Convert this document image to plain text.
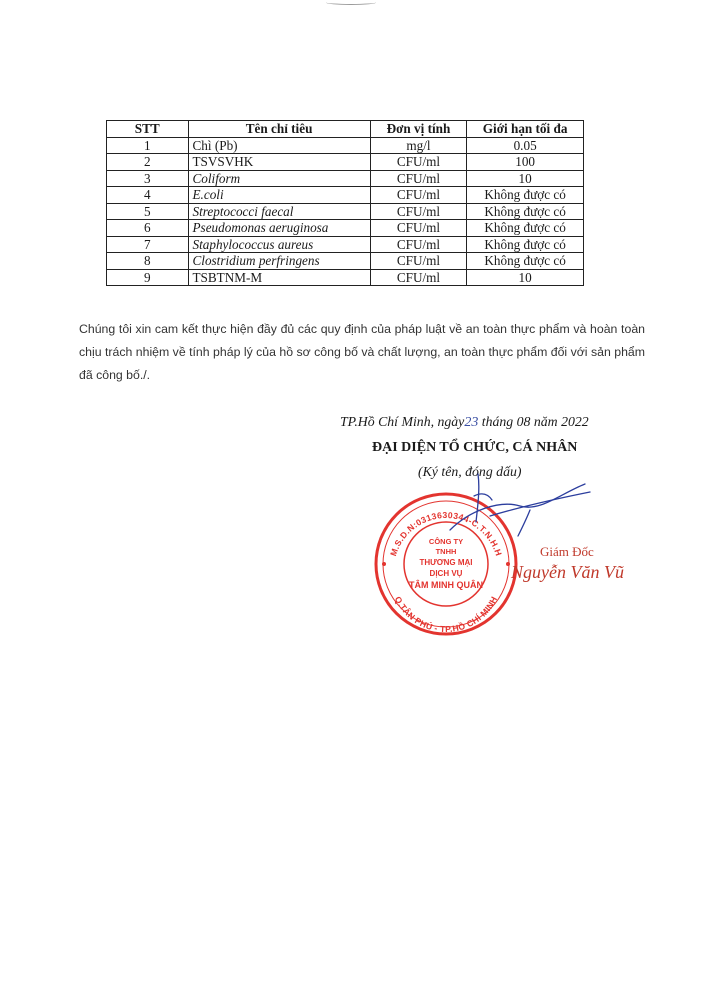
STT	Tên chỉ tiêu	Đơn vị tính	Giới hạn tối đa
1	Chì (Pb)	mg/l	0.05
2	TSVSVHK	CFU/ml	100
3	Coliform	CFU/ml	10
4	E.coli	CFU/ml	Không được có
5	Streptococci faecal	CFU/ml	Không được có
6	Pseudomonas aeruginosa	CFU/ml	Không được có
7	Staphylococcus aureus	CFU/ml	Không được có
8	Clostridium perfringens	CFU/ml	Không được có
9	TSBTNM-M	CFU/ml	10
Chúng tôi xin cam kết thực hiện đầy đủ các quy định của pháp luật về an toàn thực phẩm và hoàn toàn chịu trách nhiệm về tính pháp lý của hồ sơ công bố và chất lượng, an toàn thực phẩm đối với sản phẩm đã công bố./.
TP.Hồ Chí Minh, ngày23 tháng 08 năm 2022
ĐẠI DIỆN TỔ CHỨC, CÁ NHÂN
(Ký tên, đóng dấu)
M.S.D.N:0313630344-C.T.N.H.H
Q.TÂN PHÚ - TP.HỒ CHÍ MINH
CÔNG TY
TNHH
THƯƠNG MẠI
DỊCH VỤ
TÂM MINH QUÂN
Giám Đốc
Nguyễn Văn Vũ
